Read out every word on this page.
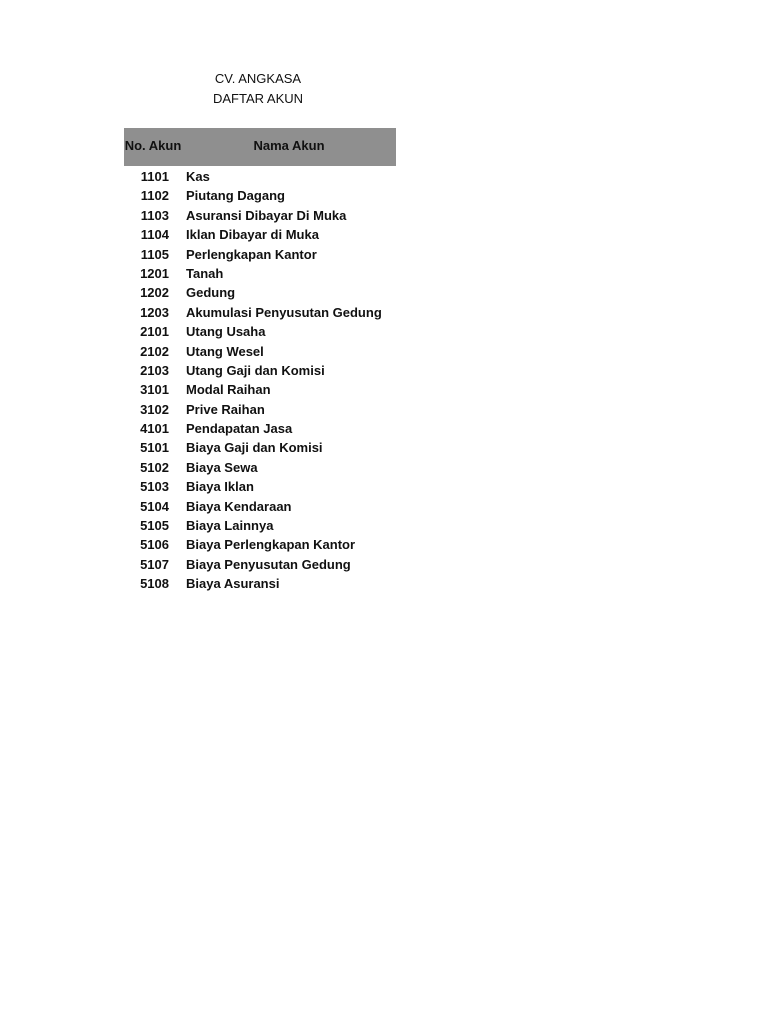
CV. ANGKASA
DAFTAR AKUN
No. Akun	Nama Akun
1101 Kas
1102 Piutang Dagang
1103 Asuransi Dibayar Di Muka
1104 Iklan Dibayar di Muka
1105 Perlengkapan Kantor
1201 Tanah
1202 Gedung
1203 Akumulasi Penyusutan Gedung
2101 Utang Usaha
2102 Utang Wesel
2103 Utang Gaji dan Komisi
3101 Modal Raihan
3102 Prive Raihan
4101 Pendapatan Jasa
5101 Biaya Gaji dan Komisi
5102 Biaya Sewa
5103 Biaya Iklan
5104 Biaya Kendaraan
5105 Biaya Lainnya
5106 Biaya Perlengkapan Kantor
5107 Biaya Penyusutan Gedung
5108 Biaya Asuransi
